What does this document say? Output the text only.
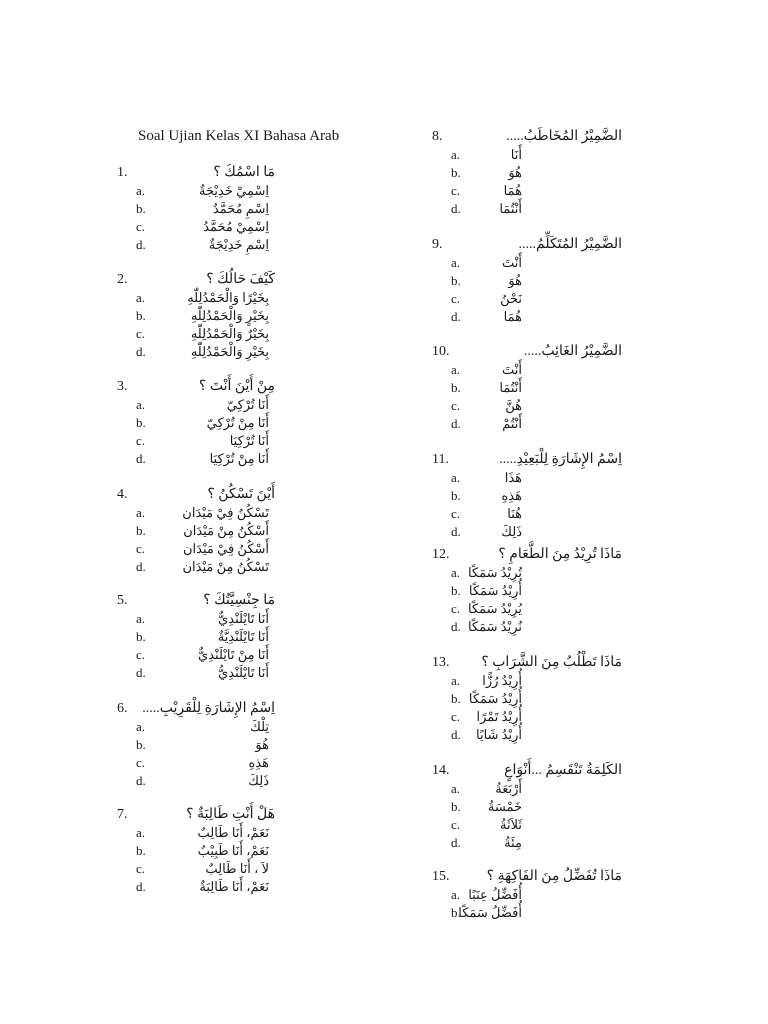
Soal Ujian Kelas XI Bahasa Arab
1.	مَا اسْمُكَ ؟
a.	اِسْمِيْ خَدِيْجَةٌ
b.	اِسْمِ مُحَمَّدٌ
c.	اِسْمِيْ مُحَمَّدُ
d.	اِسْمِ خَدِيْجَةٌ
2.	كَيْفَ حَالُكَ ؟
a.	بِخَيْرًا وَالْحَمْدُلِلّٰهِ
b.	بِخَيْرٍ وَالْحَمْدُلِلّٰهِ
c.	بِخَيْرٌ وَالْحَمْدُلِلّٰهِ
d.	بِخَيْرِ وَالْحَمْدُلِلّٰهِ
3.	مِنْ أَيْنَ أَنْتَ ؟
a.	أَنَا تُرْكِيّ
b.	أَنَا مِنْ تُرْكِيّ
c.	أَنَا تُرْكِيَا
d.	أَنَا مِنْ تُرْكِيَا
4.	أَيْنَ تَسْكُنُ ؟
a.	تَسْكُنُ فِيْ مَيْدَان
b.	أَسْكُنُ مِنْ مَيْدَان
c.	أَسْكُنُ فِيْ مَيْدَان
d.	تَسْكُنُ مِنْ مَيْدَان
5.	مَا جِنْسِيَّتُكَ ؟
a.	أَنَا تَايْلَنْدِيٌّ
b.	أَنَا تَايْلَنْدِيَّةٌ
c.	أَنَا مِنْ تَايْلَنْدِيٌّ
d.	أَنَا تَايْلَنْدِيُّ
6. اِسْمُ الإِشَارَةِ لِلْقَرِيْبِ.....
a.	تِلْكَ
b.	هُوَ
c.	هَذِهِ
d.	ذَلِكَ
7.	هَلْ أَنْتِ طَالِبَةٌ ؟
a.	نَعَمْ، أَنَا طَالِبٌ
b.	نَعَمْ، أَنَا طَبِيْبٌ
c.	لاَ ، أَنَا طَالِبٌ
d.	نَعَمْ، أَنَا طَالِبَةٌ
8.	الضَّمِيْرُ المُخَاطَبُ.....
a.	أَنَا
b.	هُوَ
c.	هُمَا
d.	أَنْتُمَا
9.	الضَّمِيْرُ المُتَكَلِّمُ.....
a.	أَنْتَ
b.	هُوَ
c.	نَحْنُ
d.	هُمَا
10.	الضَّمِيْرُ الغَائِبُ.....
a.	أَنْتَ
b.	أَنْتُمَا
c.	هُنَّ
d.	أَنْتُمْ
11.	اِسْمُ الإِشَارَةِ لِلْبَعِيْدِ.....
a.	هَذَا
b.	هَذِهِ
c.	هُنَا
d.	ذَلِكَ
12.	مَاذَا تُرِيْدُ مِنَ الطَّعَامِ ؟
a. تُرِيْدُ سَمَكًا
b. أُرِيْدُ سَمَكًا
c. يُرِيْدُ سَمَكًا
d. نُرِيْدُ سَمَكًا
13.	مَاذَا تَطْلُبُ مِنَ الشَّرَابِ ؟
a.	أُرِيْدُ رُزًّا
b. أُرِيْدُ سَمَكًا
c.	أُرِيْدُ تَمْرًا
d.	أُرِيْدُ شَايًا
14.	الكَلِمَةُ تَنْقَسِمُ ...أَنْوَاعٍ
a.	أَرْبَعَةُ
b.	خَمْسَةُ
c.	ثَلاَثَةُ
d.	مِئَةُ
15.	مَاذَا تُفَضِّلُ مِنَ الفَاكِهَةِ ؟
a. أُفَضِّلُ عِنَبًا
b.
أُفَضِّلُ سَمَكًا
